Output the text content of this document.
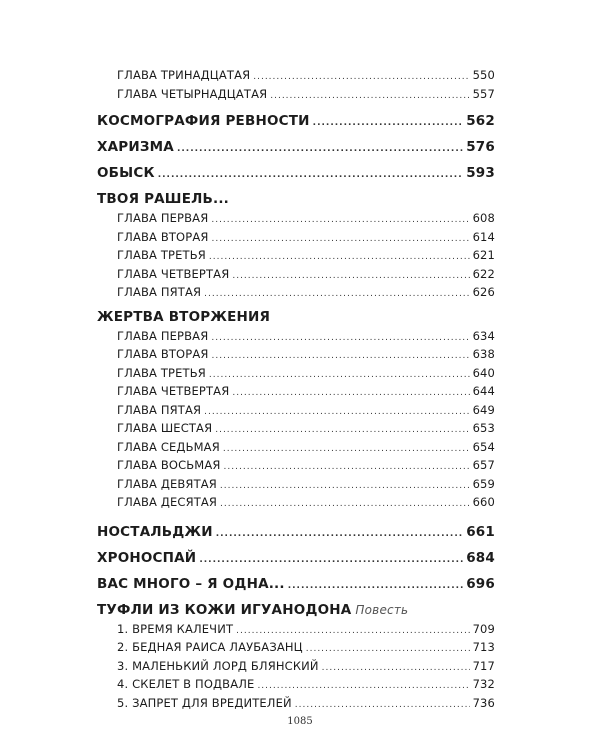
ГЛАВА ТРИНАДЦАТАЯ .....	550
ГЛАВА ЧЕТЫРНАДЦАТАЯ .....	557
КОСМОГРАФИЯ РЕВНОСТИ .....	562
ХАРИЗМА .....	576
ОБЫСК .....	593
ТВОЯ РАШЕЛЬ...
ГЛАВА ПЕРВАЯ .....	608
ГЛАВА ВТОРАЯ .....	614
ГЛАВА ТРЕТЬЯ .....	621
ГЛАВА ЧЕТВЕРТАЯ .....	622
ГЛАВА ПЯТАЯ .....	626
ЖЕРТВА ВТОРЖЕНИЯ
ГЛАВА ПЕРВАЯ .....	634
ГЛАВА ВТОРАЯ .....	638
ГЛАВА ТРЕТЬЯ .....	640
ГЛАВА ЧЕТВЕРТАЯ .....	644
ГЛАВА ПЯТАЯ .....	649
ГЛАВА ШЕСТАЯ .....	653
ГЛАВА СЕДЬМАЯ .....	654
ГЛАВА ВОСЬМАЯ .....	657
ГЛАВА ДЕВЯТАЯ .....	659
ГЛАВА ДЕСЯТАЯ .....	660
НОСТАЛЬДЖИ .....	661
ХРОНОСПАЙ .....	684
ВАС МНОГО – Я ОДНА... .....	696
ТУФЛИ ИЗ КОЖИ ИГУАНОДОНА Повесть
1. ВРЕМЯ КАЛЕЧИТ .....	709
2. БЕДНАЯ РАИСА ЛАУБАЗАНЦ .....	713
3. МАЛЕНЬКИЙ ЛОРД БЛЯНСКИЙ .....	717
4. СКЕЛЕТ В ПОДВАЛЕ .....	732
5. ЗАПРЕТ ДЛЯ ВРЕДИТЕЛЕЙ .....	736
1085
